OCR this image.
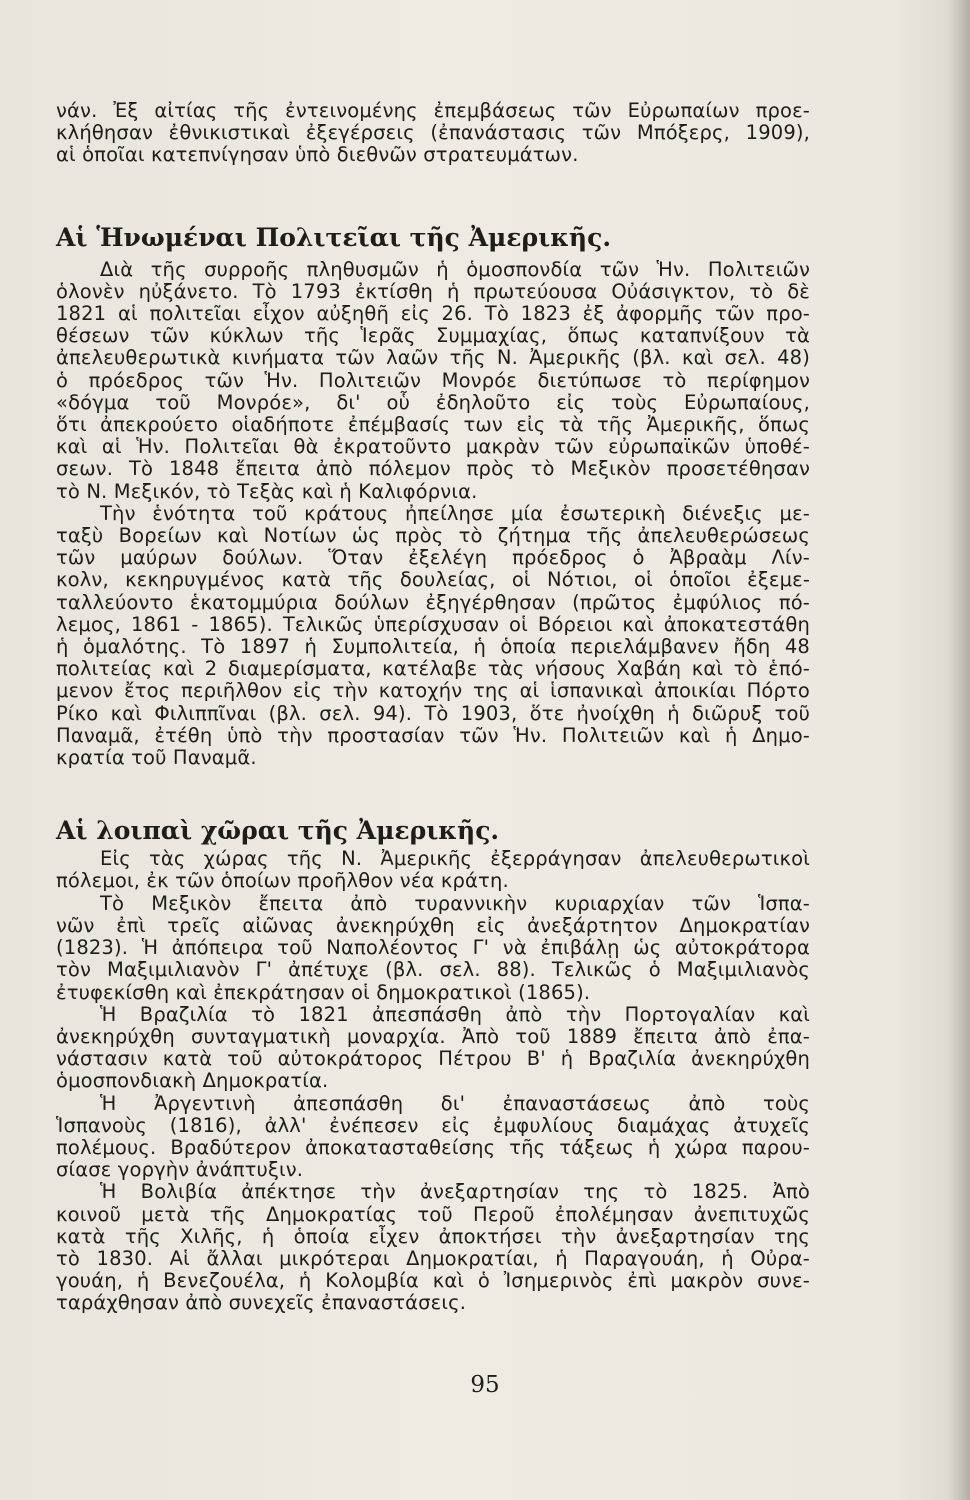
νάν. Ἐξ αἰτίας τῆς ἐντεινομένης ἐπεμβάσεως τῶν Εὐρωπαίων προε-
κλήθησαν ἐθνικιστικαὶ ἐξεγέρσεις (ἐπανάστασις τῶν Μπόξερς, 1909),
αἱ ὁποῖαι κατεπνίγησαν ὑπὸ διεθνῶν στρατευμάτων.

Αἱ Ἡνωμέναι Πολιτεῖαι τῆς Ἀμερικῆς.

Διὰ τῆς συρροῆς πληθυσμῶν ἡ ὁμοσπονδία τῶν Ἡν. Πολιτειῶν
ὁλονὲν ηὐξάνετο. Τὸ 1793 ἐκτίσθη ἡ πρωτεύουσα Οὐάσιγκτον, τὸ δὲ
1821 αἱ πολιτεῖαι εἶχον αὐξηθῆ εἰς 26. Τὸ 1823 ἐξ ἀφορμῆς τῶν προ-
θέσεων τῶν κύκλων τῆς Ἱερᾶς Συμμαχίας, ὅπως καταπνίξουν τὰ
ἀπελευθερωτικὰ κινήματα τῶν λαῶν τῆς Ν. Ἀμερικῆς (βλ. καὶ σελ. 48)
ὁ πρόεδρος τῶν Ἡν. Πολιτειῶν Μονρόε διετύπωσε τὸ περίφημον
«δόγμα τοῦ Μονρόε», δι' οὗ ἐδηλοῦτο εἰς τοὺς Εὐρωπαίους,
ὅτι ἀπεκρούετο οἱαδήποτε ἐπέμβασίς των εἰς τὰ τῆς Ἀμερικῆς, ὅπως
καὶ αἱ Ἡν. Πολιτεῖαι θὰ ἐκρατοῦντο μακρὰν τῶν εὐρωπαϊκῶν ὑποθέ-
σεων. Τὸ 1848 ἔπειτα ἀπὸ πόλεμον πρὸς τὸ Μεξικὸν προσετέθησαν
τὸ Ν. Μεξικόν, τὸ Τεξὰς καὶ ἡ Καλιφόρνια.

Τὴν ἑνότητα τοῦ κράτους ἠπείλησε μία ἐσωτερικὴ διένεξις με-
ταξὺ Βορείων καὶ Νοτίων ὡς πρὸς τὸ ζήτημα τῆς ἀπελευθερώσεως
τῶν μαύρων δούλων. Ὅταν ἐξελέγη πρόεδρος ὁ Ἀβραὰμ Λίν-
κολν, κεκηρυγμένος κατὰ τῆς δουλείας, οἱ Νότιοι, οἱ ὁποῖοι ἐξεμε-
ταλλεύοντο ἑκατομμύρια δούλων ἐξηγέρθησαν (πρῶτος ἐμφύλιος πό-
λεμος, 1861 - 1865). Τελικῶς ὑπερίσχυσαν οἱ Βόρειοι καὶ ἀποκατεστάθη
ἡ ὁμαλότης. Τὸ 1897 ἡ Συμπολιτεία, ἡ ὁποία περιελάμβανεν ἤδη 48
πολιτείας καὶ 2 διαμερίσματα, κατέλαβε τὰς νήσους Χαβάη καὶ τὸ ἑπό-
μενον ἔτος περιῆλθον εἰς τὴν κατοχήν της αἱ ἱσπανικαὶ ἀποικίαι Πόρτο
Ρίκο καὶ Φιλιππῖναι (βλ. σελ. 94). Τὸ 1903, ὅτε ἠνοίχθη ἡ διῶρυξ τοῦ
Παναμᾶ, ἐτέθη ὑπὸ τὴν προστασίαν τῶν Ἡν. Πολιτειῶν καὶ ἡ Δημο-
κρατία τοῦ Παναμᾶ.

Αἱ λοιπαὶ χῶραι τῆς Ἀμερικῆς.

Εἰς τὰς χώρας τῆς Ν. Ἀμερικῆς ἐξερράγησαν ἀπελευθερωτικοὶ
πόλεμοι, ἐκ τῶν ὁποίων προῆλθον νέα κράτη.

Τὸ Μεξικὸν ἔπειτα ἀπὸ τυραννικὴν κυριαρχίαν τῶν Ἱσπα-
νῶν ἐπὶ τρεῖς αἰῶνας ἀνεκηρύχθη εἰς ἀνεξάρτητον Δημοκρατίαν
(1823). Ἡ ἀπόπειρα τοῦ Ναπολέοντος Γ' νὰ ἐπιβάλῃ ὡς αὐτοκράτορα
τὸν Μαξιμιλιανὸν Γ' ἀπέτυχε (βλ. σελ. 88). Τελικῶς ὁ Μαξιμιλιανὸς
ἐτυφεκίσθη καὶ ἐπεκράτησαν οἱ δημοκρατικοὶ (1865).

Ἡ Βραζιλία τὸ 1821 ἀπεσπάσθη ἀπὸ τὴν Πορτογαλίαν καὶ
ἀνεκηρύχθη συνταγματικὴ μοναρχία. Ἀπὸ τοῦ 1889 ἔπειτα ἀπὸ ἐπα-
νάστασιν κατὰ τοῦ αὐτοκράτορος Πέτρου Β' ἡ Βραζιλία ἀνεκηρύχθη
ὁμοσπονδιακὴ Δημοκρατία.

Ἡ Ἀργεντινὴ ἀπεσπάσθη δι' ἐπαναστάσεως ἀπὸ τοὺς
Ἱσπανοὺς (1816), ἀλλ' ἐνέπεσεν εἰς ἐμφυλίους διαμάχας ἀτυχεῖς
πολέμους. Βραδύτερον ἀποκατασταθείσης τῆς τάξεως ἡ χώρα παρου-
σίασε γοργὴν ἀνάπτυξιν.

Ἡ Βολιβία ἀπέκτησε τὴν ἀνεξαρτησίαν της τὸ 1825. Ἀπὸ
κοινοῦ μετὰ τῆς Δημοκρατίας τοῦ Περοῦ ἐπολέμησαν ἀνεπιτυχῶς
κατὰ τῆς Χιλῆς, ἡ ὁποία εἶχεν ἀποκτήσει τὴν ἀνεξαρτησίαν της
τὸ 1830. Αἱ ἄλλαι μικρότεραι Δημοκρατίαι, ἡ Παραγουάη, ἡ Οὐρα-
γουάη, ἡ Βενεζουέλα, ἡ Κολομβία καὶ ὁ Ἰσημερινὸς ἐπὶ μακρὸν συνε-
ταράχθησαν ἀπὸ συνεχεῖς ἐπαναστάσεις.

95
